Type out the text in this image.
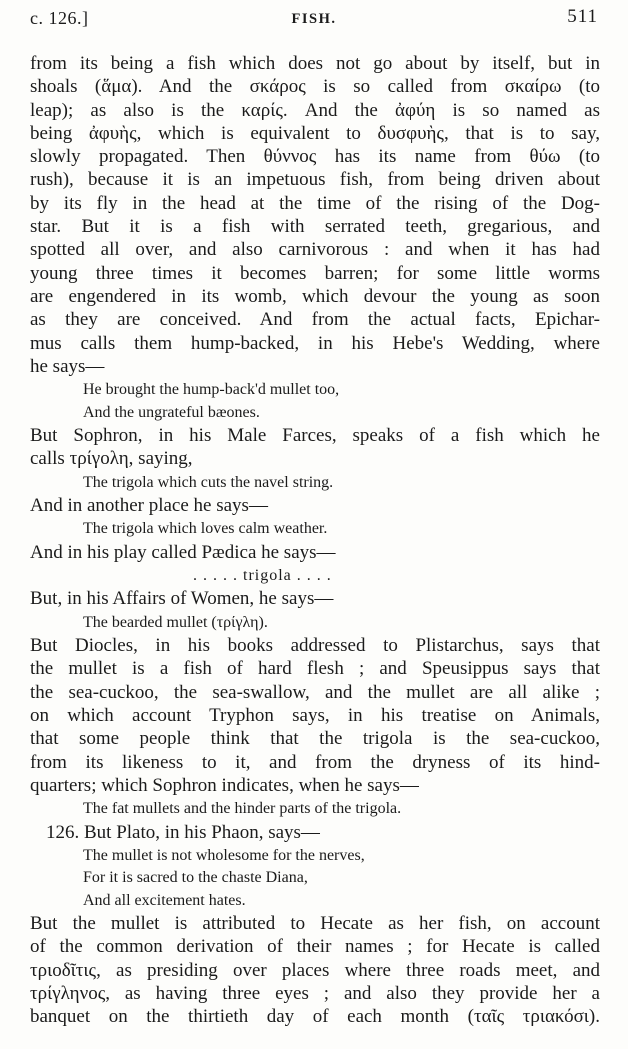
c. 126.]	FISH.	511
from its being a fish which does not go about by itself, but in
shoals (ἅμα). And the σκάρος is so called from σκαίρω (to
leap); as also is the καρίς. And the ἀφύη is so named as
being ἀφυὴς, which is equivalent to δυσφυὴς, that is to say,
slowly propagated. Then θύννος has its name from θύω (to
rush), because it is an impetuous fish, from being driven about
by its fly in the head at the time of the rising of the Dog-
star. But it is a fish with serrated teeth, gregarious, and
spotted all over, and also carnivorous : and when it has had
young three times it becomes barren; for some little worms
are engendered in its womb, which devour the young as soon
as they are conceived. And from the actual facts, Epichar-
mus calls them hump-backed, in his Hebe's Wedding, where
he says—
He brought the hump-back'd mullet too,
And the ungrateful bæones.
But Sophron, in his Male Farces, speaks of a fish which he
calls τρίγολη, saying,
The trigola which cuts the navel string.
And in another place he says—
The trigola which loves calm weather.
And in his play called Pædica he says—
. . . . . trigola . . . .
But, in his Affairs of Women, he says—
The bearded mullet (τρίγλη).
But Diocles, in his books addressed to Plistarchus, says that
the mullet is a fish of hard flesh ; and Speusippus says that
the sea-cuckoo, the sea-swallow, and the mullet are all alike ;
on which account Tryphon says, in his treatise on Animals,
that some people think that the trigola is the sea-cuckoo,
from its likeness to it, and from the dryness of its hind-
quarters; which Sophron indicates, when he says—
The fat mullets and the hinder parts of the trigola.
126. But Plato, in his Phaon, says—
The mullet is not wholesome for the nerves,
For it is sacred to the chaste Diana,
And all excitement hates.
But the mullet is attributed to Hecate as her fish, on account
of the common derivation of their names ; for Hecate is called
τριοδῖτις, as presiding over places where three roads meet, and
τρίγληνος, as having three eyes ; and also they provide her a
banquet on the thirtieth day of each month (ταῖς τριακόσι).
